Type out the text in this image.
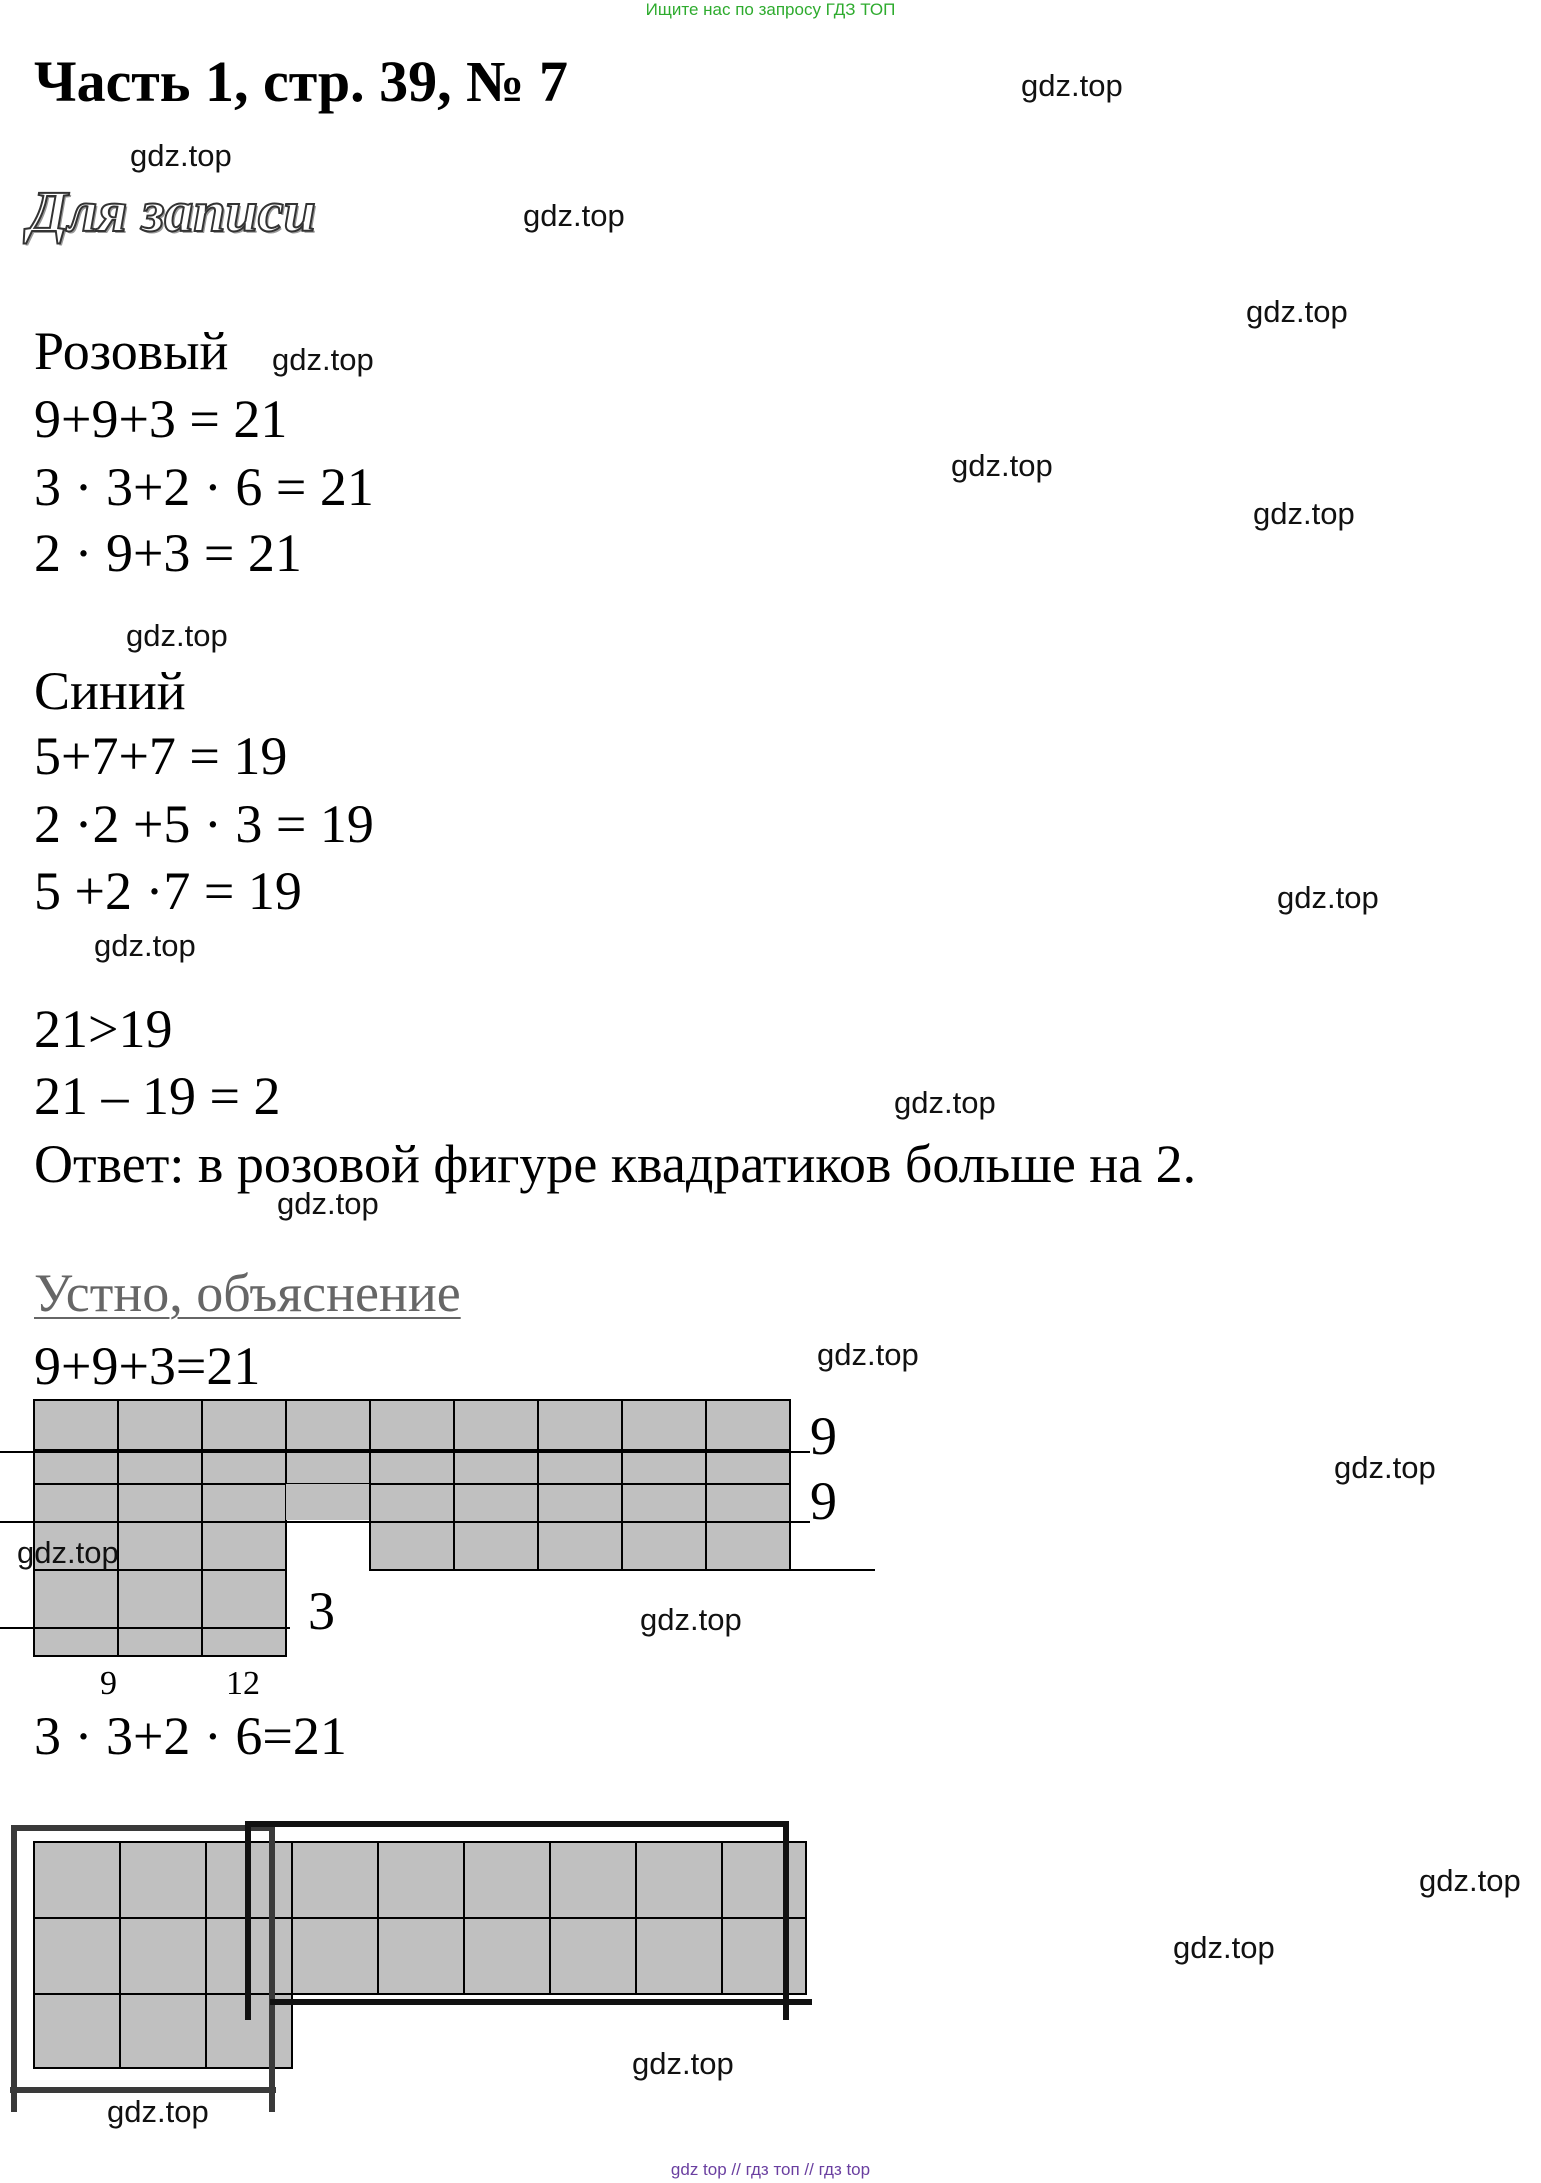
Ищите нас по запросу ГДЗ ТОП
Часть 1, стр. 39, № 7
Для записи
Розовый
9+9+3 = 21
3 · 3+2 · 6 = 21
2 · 9+3 = 21
Синий
5+7+7 = 19
2 ·2 +5 · 3 = 19
5 +2 ·7 = 19
21>19
21 – 19 = 2
Ответ: в розовой фигуре квадратиков больше на 2.
Устно, объяснение
9+9+3=21
9
9
3
9	12
3 · 3+2 · 6=21
gdz.top
gdz.top
gdz.top
gdz.top
gdz.top
gdz.top
gdz.top
gdz.top
gdz.top
gdz.top
gdz.top
gdz.top
gdz.top
gdz.top
gdz.top
gdz.top
gdz.top
gdz.top
gdz.top
gdz.top
gdz top // гдз топ // гдз top
